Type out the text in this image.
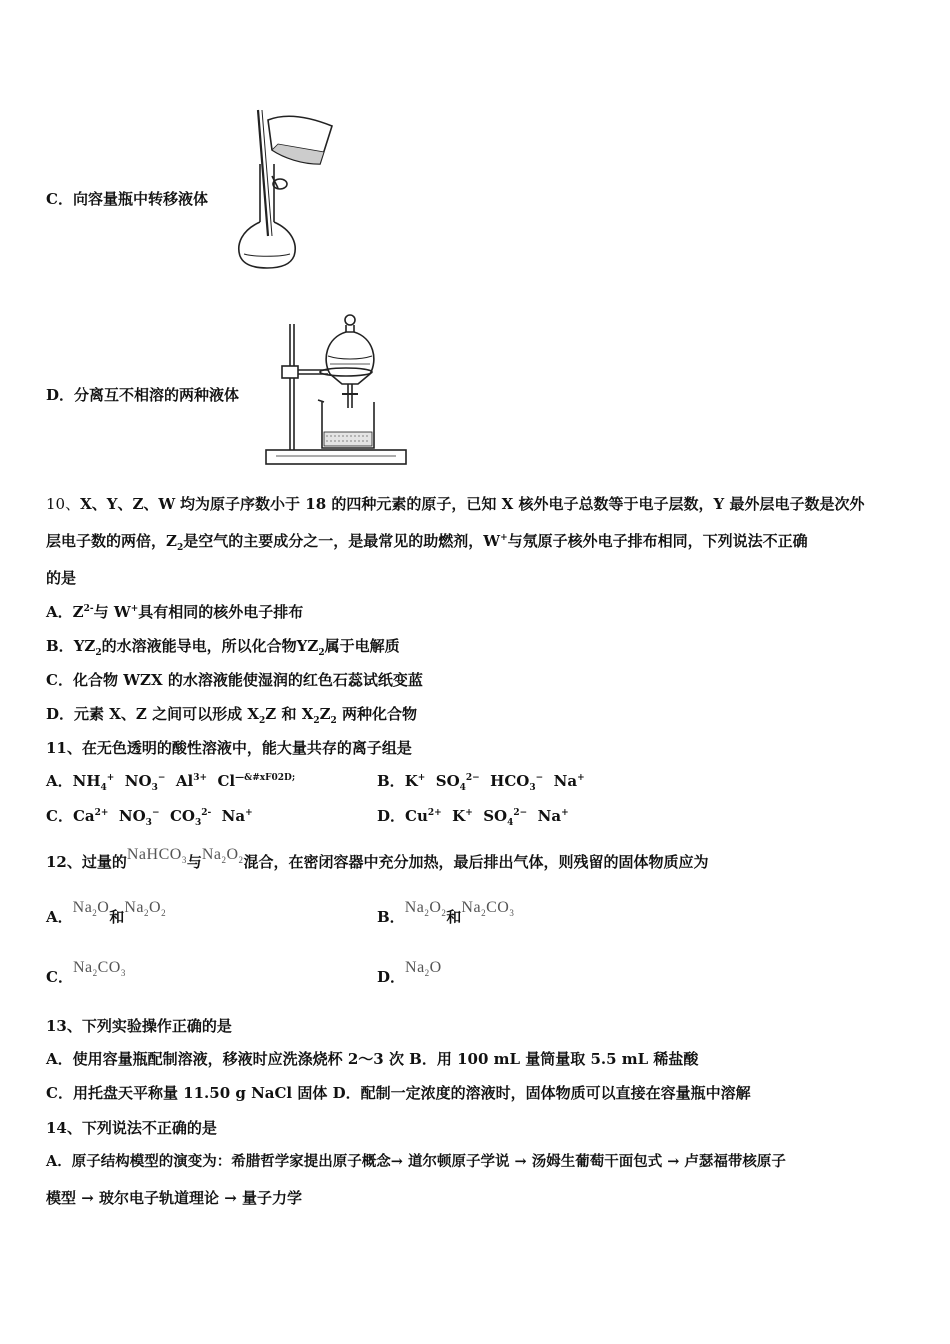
C．向容量瓶中转移液体
D．分离互不相溶的两种液体
10、X、Y、Z、W 均为原子序数小于 18 的四种元素的原子，已知 X 核外电子总数等于电子层数，Y 最外层电子数是次外
层电子数的两倍，$Z_2$是空气的主要成分之一，是最常见的助燃剂，W+与氖原子核外电子排布相同，下列说法不正确
的是
A．$Z^{2-}$与 W+具有相同的核外电子排布
B．$YZ_2$的水溶液能导电，所以化合物$YZ_2$属于电解质
C．化合物 WZX 的水溶液能使湿润的红色石蕊试纸变蓝
D．元素 X、Z 之间可以形成 $X_2Z$ 和 $X_2Z_2$ 两种化合物
11、在无色透明的酸性溶液中，能大量共存的离子组是
A．$NH_4^+$ $NO_3^-$ $Al^{3+}$ $Cl^{—\&\#xF02D;}$	B．K+ $SO_4^{2-}$ $HCO_3^-$ Na+
C．$Ca^{2+}$ $NO_3^-$ $CO_3^{2-}$ Na+	D．$Cu^{2+}$ K+ $SO_4^{2-}$ Na+
12、过量的NaHCO$_3$与$Na_2O_2$混合，在密闭容器中充分加热，最后排出气体，则残留的固体物质应为
A．$Na_2O$和$Na_2O_2$	B．$Na_2O_2$和$Na_2CO_3$
C．$Na_2CO_3$	D．$Na_2O$
13、下列实验操作正确的是
A．使用容量瓶配制溶液，移液时应洗涤烧杯 2～3 次 B．用 100 mL 量筒量取 5.5 mL 稀盐酸
C．用托盘天平称量 11.50 g NaCl 固体 D．配制一定浓度的溶液时，固体物质可以直接在容量瓶中溶解
14、下列说法不正确的是
A．原子结构模型的演变为：希腊哲学家提出原子概念→ 道尔顿原子学说 → 汤姆生葡萄干面包式 → 卢瑟福带核原子
模型 → 玻尔电子轨道理论 → 量子力学
